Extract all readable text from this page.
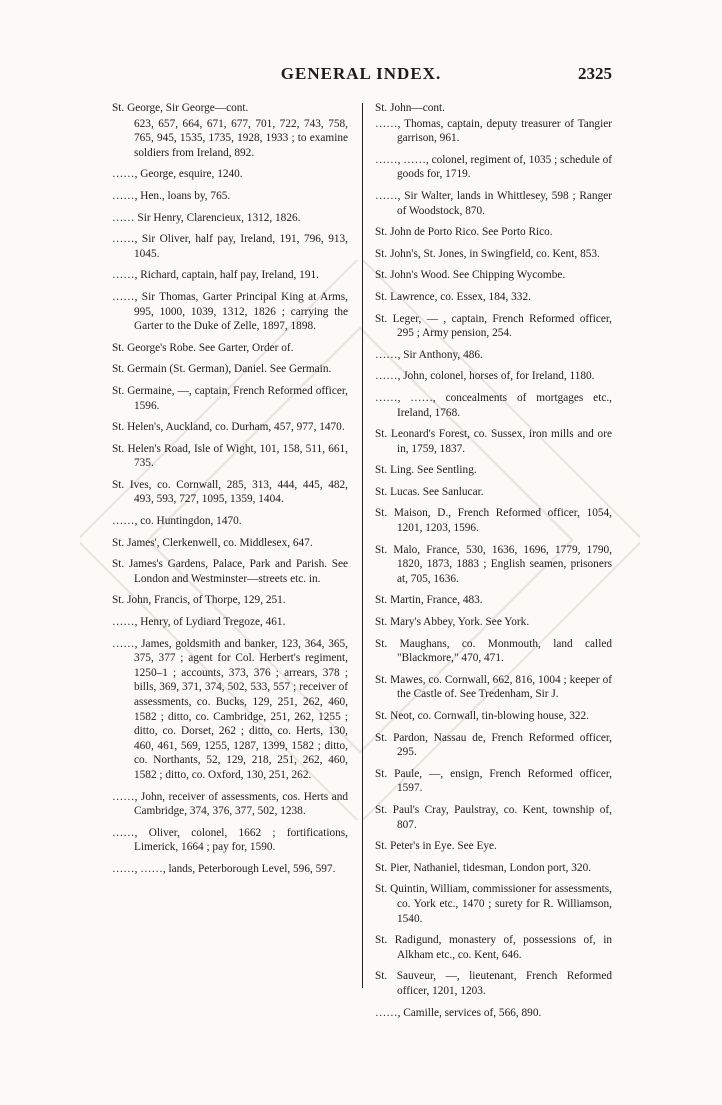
GENERAL INDEX.	2325

St. George, Sir George—cont.

623, 657, 664, 671, 677, 701, 722, 743, 758, 765, 945, 1535, 1735, 1928, 1933 ; to examine soldiers from Ireland, 892.

……, George, esquire, 1240.

……, Hen., loans by, 765.

…… Sir Henry, Clarencieux, 1312, 1826.

……, Sir Oliver, half pay, Ireland, 191, 796, 913, 1045.

……, Richard, captain, half pay, Ireland, 191.

……, Sir Thomas, Garter Principal King at Arms, 995, 1000, 1039, 1312, 1826 ; carrying the Garter to the Duke of Zelle, 1897, 1898.

St. George's Robe. See Garter, Order of.

St. Germain (St. German), Daniel. See Germain.

St. Germaine, —, captain, French Reformed officer, 1596.

St. Helen's, Auckland, co. Durham, 457, 977, 1470.

St. Helen's Road, Isle of Wight, 101, 158, 511, 661, 735.

St. Ives, co. Cornwall, 285, 313, 444, 445, 482, 493, 593, 727, 1095, 1359, 1404.

……, co. Huntingdon, 1470.

St. James', Clerkenwell, co. Middlesex, 647.

St. James's Gardens, Palace, Park and Parish. See London and Westminster—streets etc. in.

St. John, Francis, of Thorpe, 129, 251.

……, Henry, of Lydiard Tregoze, 461.

……, James, goldsmith and banker, 123, 364, 365, 375, 377 ; agent for Col. Herbert's regiment, 1250–1 ; accounts, 373, 376 ; arrears, 378 ; bills, 369, 371, 374, 502, 533, 557 ; receiver of assessments, co. Bucks, 129, 251, 262, 460, 1582 ; ditto, co. Cambridge, 251, 262, 1255 ; ditto, co. Dorset, 262 ; ditto, co. Herts, 130, 460, 461, 569, 1255, 1287, 1399, 1582 ; ditto, co. Northants, 52, 129, 218, 251, 262, 460, 1582 ; ditto, co. Oxford, 130, 251, 262.

……, John, receiver of assessments, cos. Herts and Cambridge, 374, 376, 377, 502, 1238.

……, Oliver, colonel, 1662 ; fortifications, Limerick, 1664 ; pay for, 1590.

……, ……, lands, Peterborough Level, 596, 597.

St. John—cont.

……, Thomas, captain, deputy treasurer of Tangier garrison, 961.

……, ……, colonel, regiment of, 1035 ; schedule of goods for, 1719.

……, Sir Walter, lands in Whittlesey, 598 ; Ranger of Woodstock, 870.

St. John de Porto Rico. See Porto Rico.

St. John's, St. Jones, in Swingfield, co. Kent, 853.

St. John's Wood. See Chipping Wycombe.

St. Lawrence, co. Essex, 184, 332.

St. Leger, — , captain, French Reformed officer, 295 ; Army pension, 254.

……, Sir Anthony, 486.

……, John, colonel, horses of, for Ireland, 1180.

……, ……, concealments of mortgages etc., Ireland, 1768.

St. Leonard's Forest, co. Sussex, iron mills and ore in, 1759, 1837.

St. Ling. See Sentling.

St. Lucas. See Sanlucar.

St. Maison, D., French Reformed officer, 1054, 1201, 1203, 1596.

St. Malo, France, 530, 1636, 1696, 1779, 1790, 1820, 1873, 1883 ; English seamen, prisoners at, 705, 1636.

St. Martin, France, 483.

St. Mary's Abbey, York. See York.

St. Maughans, co. Monmouth, land called "Blackmore," 470, 471.

St. Mawes, co. Cornwall, 662, 816, 1004 ; keeper of the Castle of. See Tredenham, Sir J.

St. Neot, co. Cornwall, tin-blowing house, 322.

St. Pardon, Nassau de, French Reformed officer, 295.

St. Paule, —, ensign, French Reformed officer, 1597.

St. Paul's Cray, Paulstray, co. Kent, township of, 807.

St. Peter's in Eye. See Eye.

St. Pier, Nathaniel, tidesman, London port, 320.

St. Quintin, William, commissioner for assessments, co. York etc., 1470 ; surety for R. Williamson, 1540.

St. Radigund, monastery of, possessions of, in Alkham etc., co. Kent, 646.

St. Sauveur, —, lieutenant, French Reformed officer, 1201, 1203.

……, Camille, services of, 566, 890.
